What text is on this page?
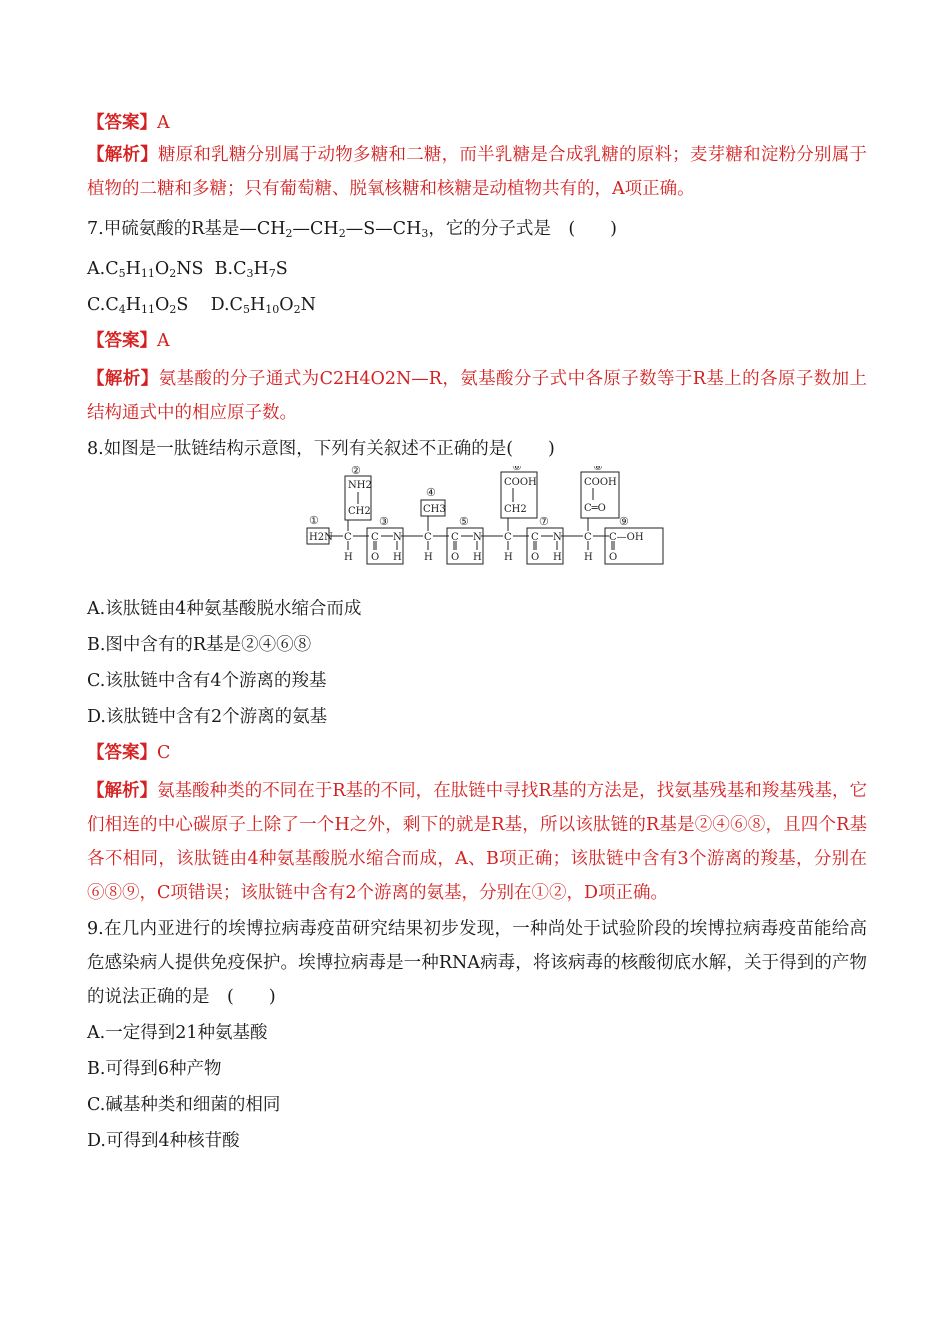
【答案】A

【解析】糖原和乳糖分别属于动物多糖和二糖，而半乳糖是合成乳糖的原料；麦芽糖和淀粉分别属于植物的二糖和多糖；只有葡萄糖、脱氧核糖和核糖是动植物共有的，A项正确。

7.甲硫氨酸的R基是$—CH_2—CH_2—S—CH_3$，它的分子式是　(　　)

$A.C_5H_{11}O_2NS$  $B.C_3H_7S$

$C.C_4H_{11}O_2S$    $D.C_5H_{10}O_2N$

【答案】A

【解析】氨基酸的分子通式为C2H4O2N—R，氨基酸分子式中各原子数等于R基上的各原子数加上结构通式中的相应原子数。

8.如图是一肽链结构示意图，下列有关叙述不正确的是(　　)

①
②
③
④
⑤
⑥
⑦
⑧
⑨
H2N
NH2
CH2	CH3
COOH
CH2
COOH
C═O
C
H
C
O
N
H
C
H
C
O
N
H
C
H
C
O
N
H
C
H
C—OH
O

A.该肽链由4种氨基酸脱水缩合而成

B.图中含有的R基是②④⑥⑧

C.该肽链中含有4个游离的羧基

D.该肽链中含有2个游离的氨基

【答案】C

【解析】氨基酸种类的不同在于R基的不同，在肽链中寻找R基的方法是，找氨基残基和羧基残基，它们相连的中心碳原子上除了一个H之外，剩下的就是R基，所以该肽链的R基是②④⑥⑧，且四个R基各不相同，该肽链由4种氨基酸脱水缩合而成，A、B项正确；该肽链中含有3个游离的羧基，分别在⑥⑧⑨，C项错误；该肽链中含有2个游离的氨基，分别在①②，D项正确。

9.在几内亚进行的埃博拉病毒疫苗研究结果初步发现，一种尚处于试验阶段的埃博拉病毒疫苗能给高危感染病人提供免疫保护。埃博拉病毒是一种RNA病毒，将该病毒的核酸彻底水解，关于得到的产物的说法正确的是　(　　)

A.一定得到21种氨基酸

B.可得到6种产物

C.碱基种类和细菌的相同

D.可得到4种核苷酸
